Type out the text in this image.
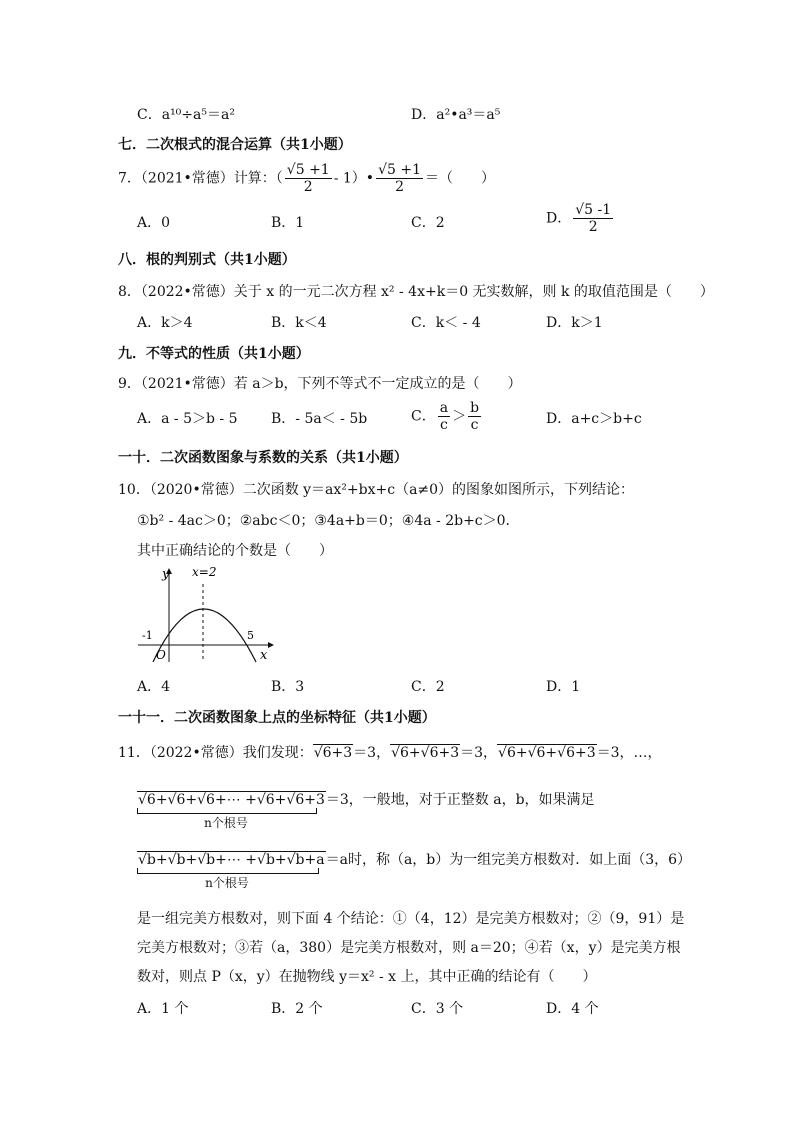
C．a¹⁰÷a⁵＝a²	D．a²•a³＝a⁵
七．二次根式的混合运算（共1小题）
7．（2021•常德）计算：（ $\frac{√5 +1}{2}$ - 1）• $\frac{√5 +1}{2}$ ＝（　　）
A．0	B．1	C．2	D． $\frac{√5 -1}{2}$
八．根的判别式（共1小题）
8．（2022•常德）关于 x 的一元二次方程 x² - 4x+k＝0 无实数解，则 k 的取值范围是（　　）
A．k＞4	B．k＜4	C．k＜ - 4	D．k＞1
九．不等式的性质（共1小题）
9．（2021•常德）若 a＞b，下列不等式不一定成立的是（　　）
A．a - 5＞b - 5 B．- 5a＜ - 5b	C． $\frac{a}{c} > \frac{b}{c}$	D．a+c＞b+c
一十．二次函数图象与系数的关系（共1小题）
10．（2020•常德）二次函数 y＝ax²+bx+c（a≠0）的图象如图所示，下列结论：
①b² - 4ac＞0；②abc＜0；③4a+b＝0；④4a - 2b+c＞0．
其中正确结论的个数是（　　）
y
x
x=2
O
-1	5
A．4	B．3	C．2	D．1
一十一．二次函数图象上点的坐标特征（共1小题）
11．（2022•常德）我们发现：√6+3＝3，√6+√6+3＝3，√6+√6+√6+3＝3，…，
√6+√6+√6+⋯ +√6+√6+3＝3，一般地，对于正整数 a，b，如果满足
n个根号
√b+√b+√b+⋯ +√b+√b+a＝a时，称（a，b）为一组完美方根数对．如上面（3，6）
n个根号
是一组完美方根数对，则下面 4 个结论：①（4，12）是完美方根数对；②（9，91）是
完美方根数对；③若（a，380）是完美方根数对，则 a＝20；④若（x，y）是完美方根
数对，则点 P（x，y）在抛物线 y＝x² - x 上，其中正确的结论有（　　）
A．1 个	B．2 个	C．3 个	D．4 个
